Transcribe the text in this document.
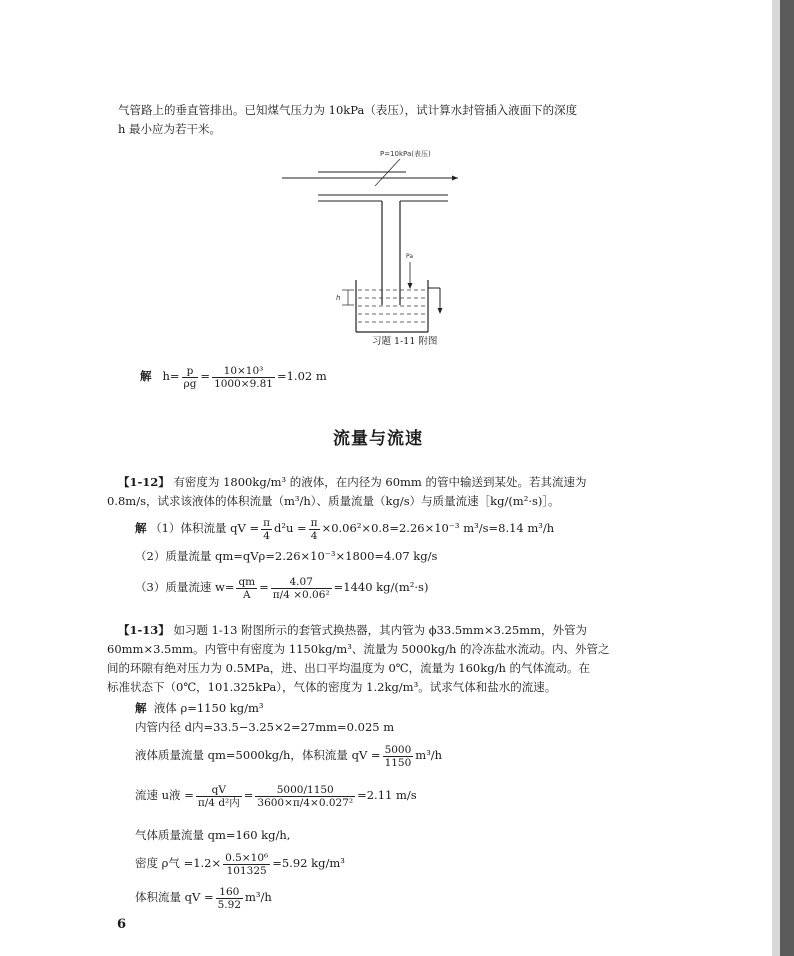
气管路上的垂直管排出。已知煤气压力为 10kPa（表压），试计算水封管插入液面下的深度
h 最小应为若干米。
P=10kPa(表压)
Pa
h
习题 1-11 附图
解 $h= \frac{p}{\rho g} = \frac{\text{10×10³}}{1000\times 9.81} =1.02$ m
流量与流速
【1-12】 有密度为 1800kg/m³ 的液体，在内径为 60mm 的管中输送到某处。若其流速为
0.8m/s，试求该液体的体积流量（m³/h）、质量流量（kg/s）与质量流速［kg/(m²·s)］。
解 （1）体积流量 qV = $\frac{\pi}{4} d^2u = \frac{\pi}{4} \times 0.06^2\times 0.8=2.26\times 10^{-3}$ m³/s=8.14 m³/h
（2）质量流量 qm=qVρ=2.26×10⁻³×1800=4.07 kg/s
（3）质量流速 $w= \frac{qm}{A} = \frac{4.07}{\text{π/4 ×0.06²}} =1440$ kg/(m²·s)
【1-13】 如习题 1-13 附图所示的套管式换热器，其内管为 ϕ33.5mm×3.25mm，外管为
60mm×3.5mm。内管中有密度为 1150kg/m³、流量为 5000kg/h 的冷冻盐水流动。内、外管之
间的环隙有绝对压力为 0.5MPa，进、出口平均温度为 0℃，流量为 160kg/h 的气体流动。在
标准状态下（0℃，101.325kPa），气体的密度为 1.2kg/m³。试求气体和盐水的流速。
解 液体 ρ=1150 kg/m³
内管内径 d内=33.5−3.25×2=27mm=0.025 m
液体质量流量 qm=5000kg/h，体积流量 qV = $\frac{5000}{1150} m^3/h$
流速 u液 = $\frac{qV}{\text{π/4 d²内}} = \frac{5000/1150}{\text{3600×π/4×0.027²}} =2.11$ m/s
气体质量流量 qm=160 kg/h,
密度 ρ气 $=1.2\times \frac{\text{0.5×10⁶}}{101325} =5.92$ kg/m³
体积流量 qV = $\frac{160}{5.92} m^3/h$
6
